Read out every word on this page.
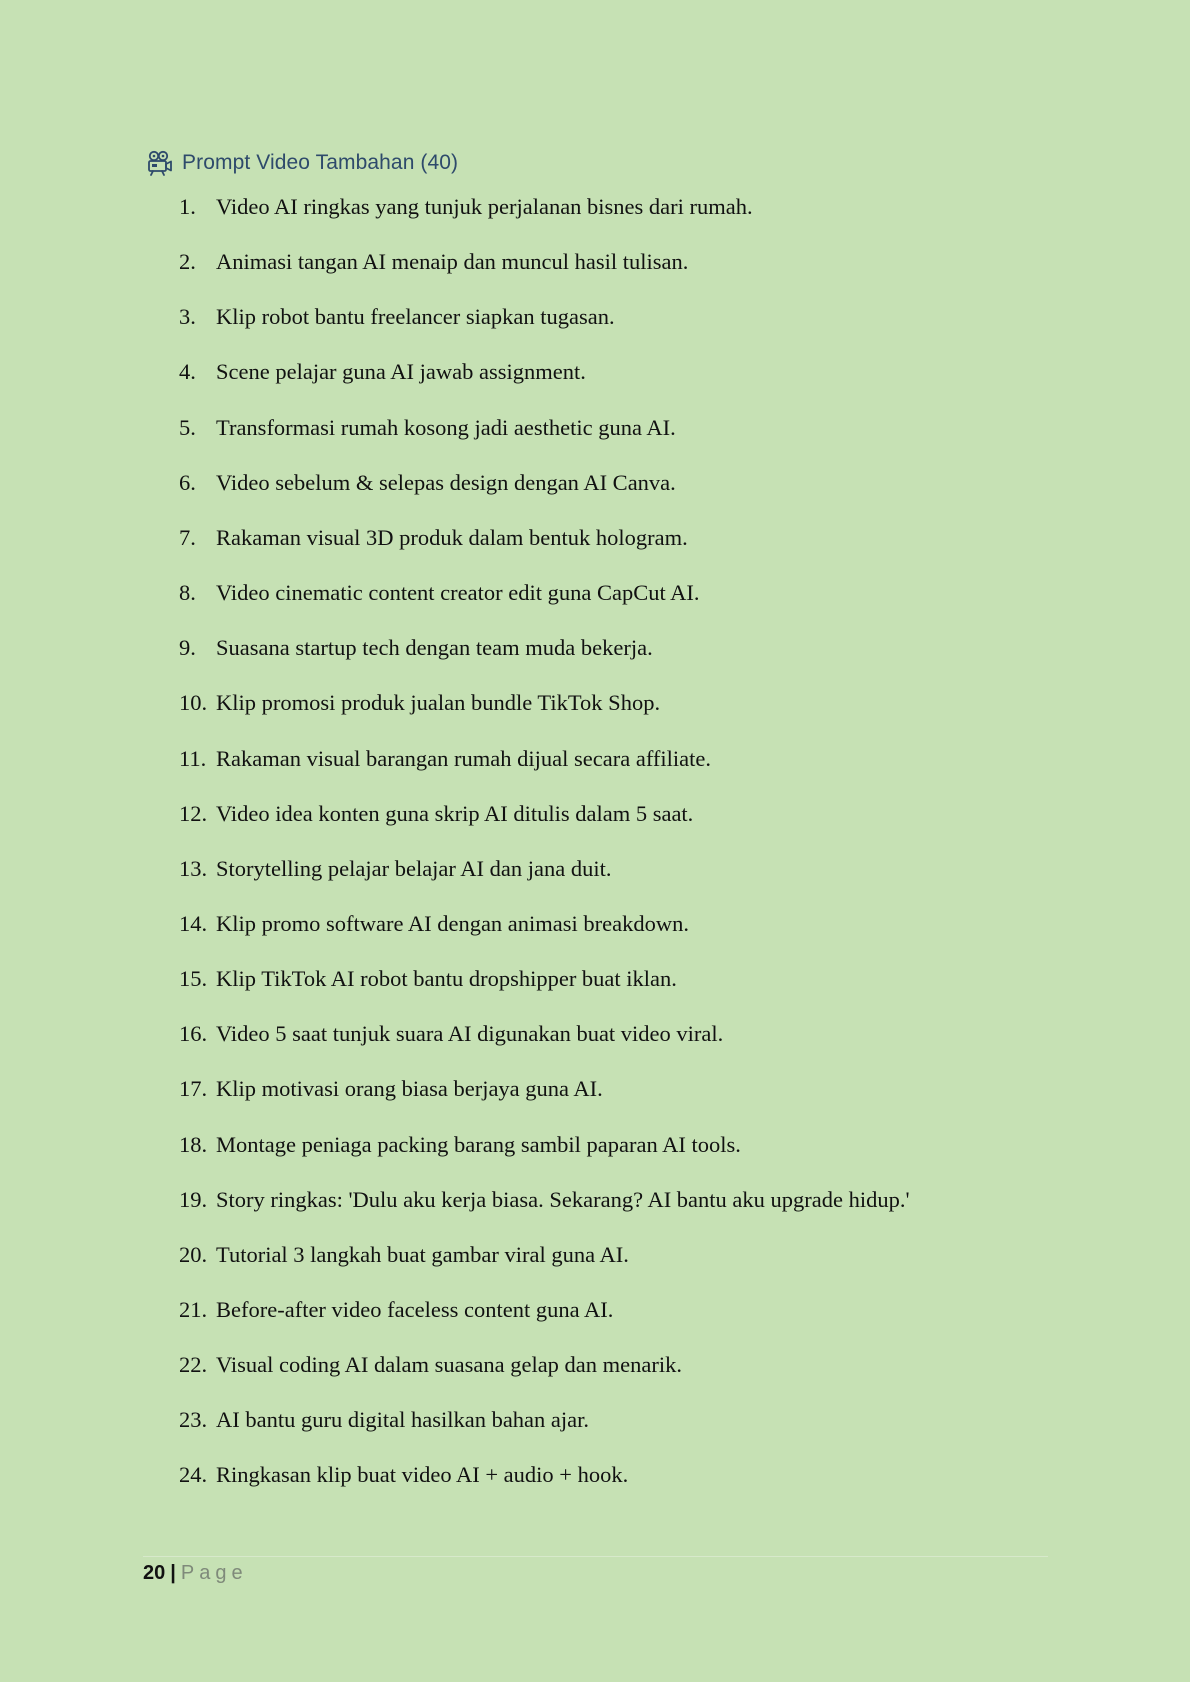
Prompt Video Tambahan (40)
1. Video AI ringkas yang tunjuk perjalanan bisnes dari rumah.
2. Animasi tangan AI menaip dan muncul hasil tulisan.
3. Klip robot bantu freelancer siapkan tugasan.
4. Scene pelajar guna AI jawab assignment.
5. Transformasi rumah kosong jadi aesthetic guna AI.
6. Video sebelum & selepas design dengan AI Canva.
7. Rakaman visual 3D produk dalam bentuk hologram.
8. Video cinematic content creator edit guna CapCut AI.
9. Suasana startup tech dengan team muda bekerja.
10. Klip promosi produk jualan bundle TikTok Shop.
11. Rakaman visual barangan rumah dijual secara affiliate.
12. Video idea konten guna skrip AI ditulis dalam 5 saat.
13. Storytelling pelajar belajar AI dan jana duit.
14. Klip promo software AI dengan animasi breakdown.
15. Klip TikTok AI robot bantu dropshipper buat iklan.
16. Video 5 saat tunjuk suara AI digunakan buat video viral.
17. Klip motivasi orang biasa berjaya guna AI.
18. Montage peniaga packing barang sambil paparan AI tools.
19. Story ringkas: 'Dulu aku kerja biasa. Sekarang? AI bantu aku upgrade hidup.'
20. Tutorial 3 langkah buat gambar viral guna AI.
21. Before-after video faceless content guna AI.
22. Visual coding AI dalam suasana gelap dan menarik.
23. AI bantu guru digital hasilkan bahan ajar.
24. Ringkasan klip buat video AI + audio + hook.
20 | Page
